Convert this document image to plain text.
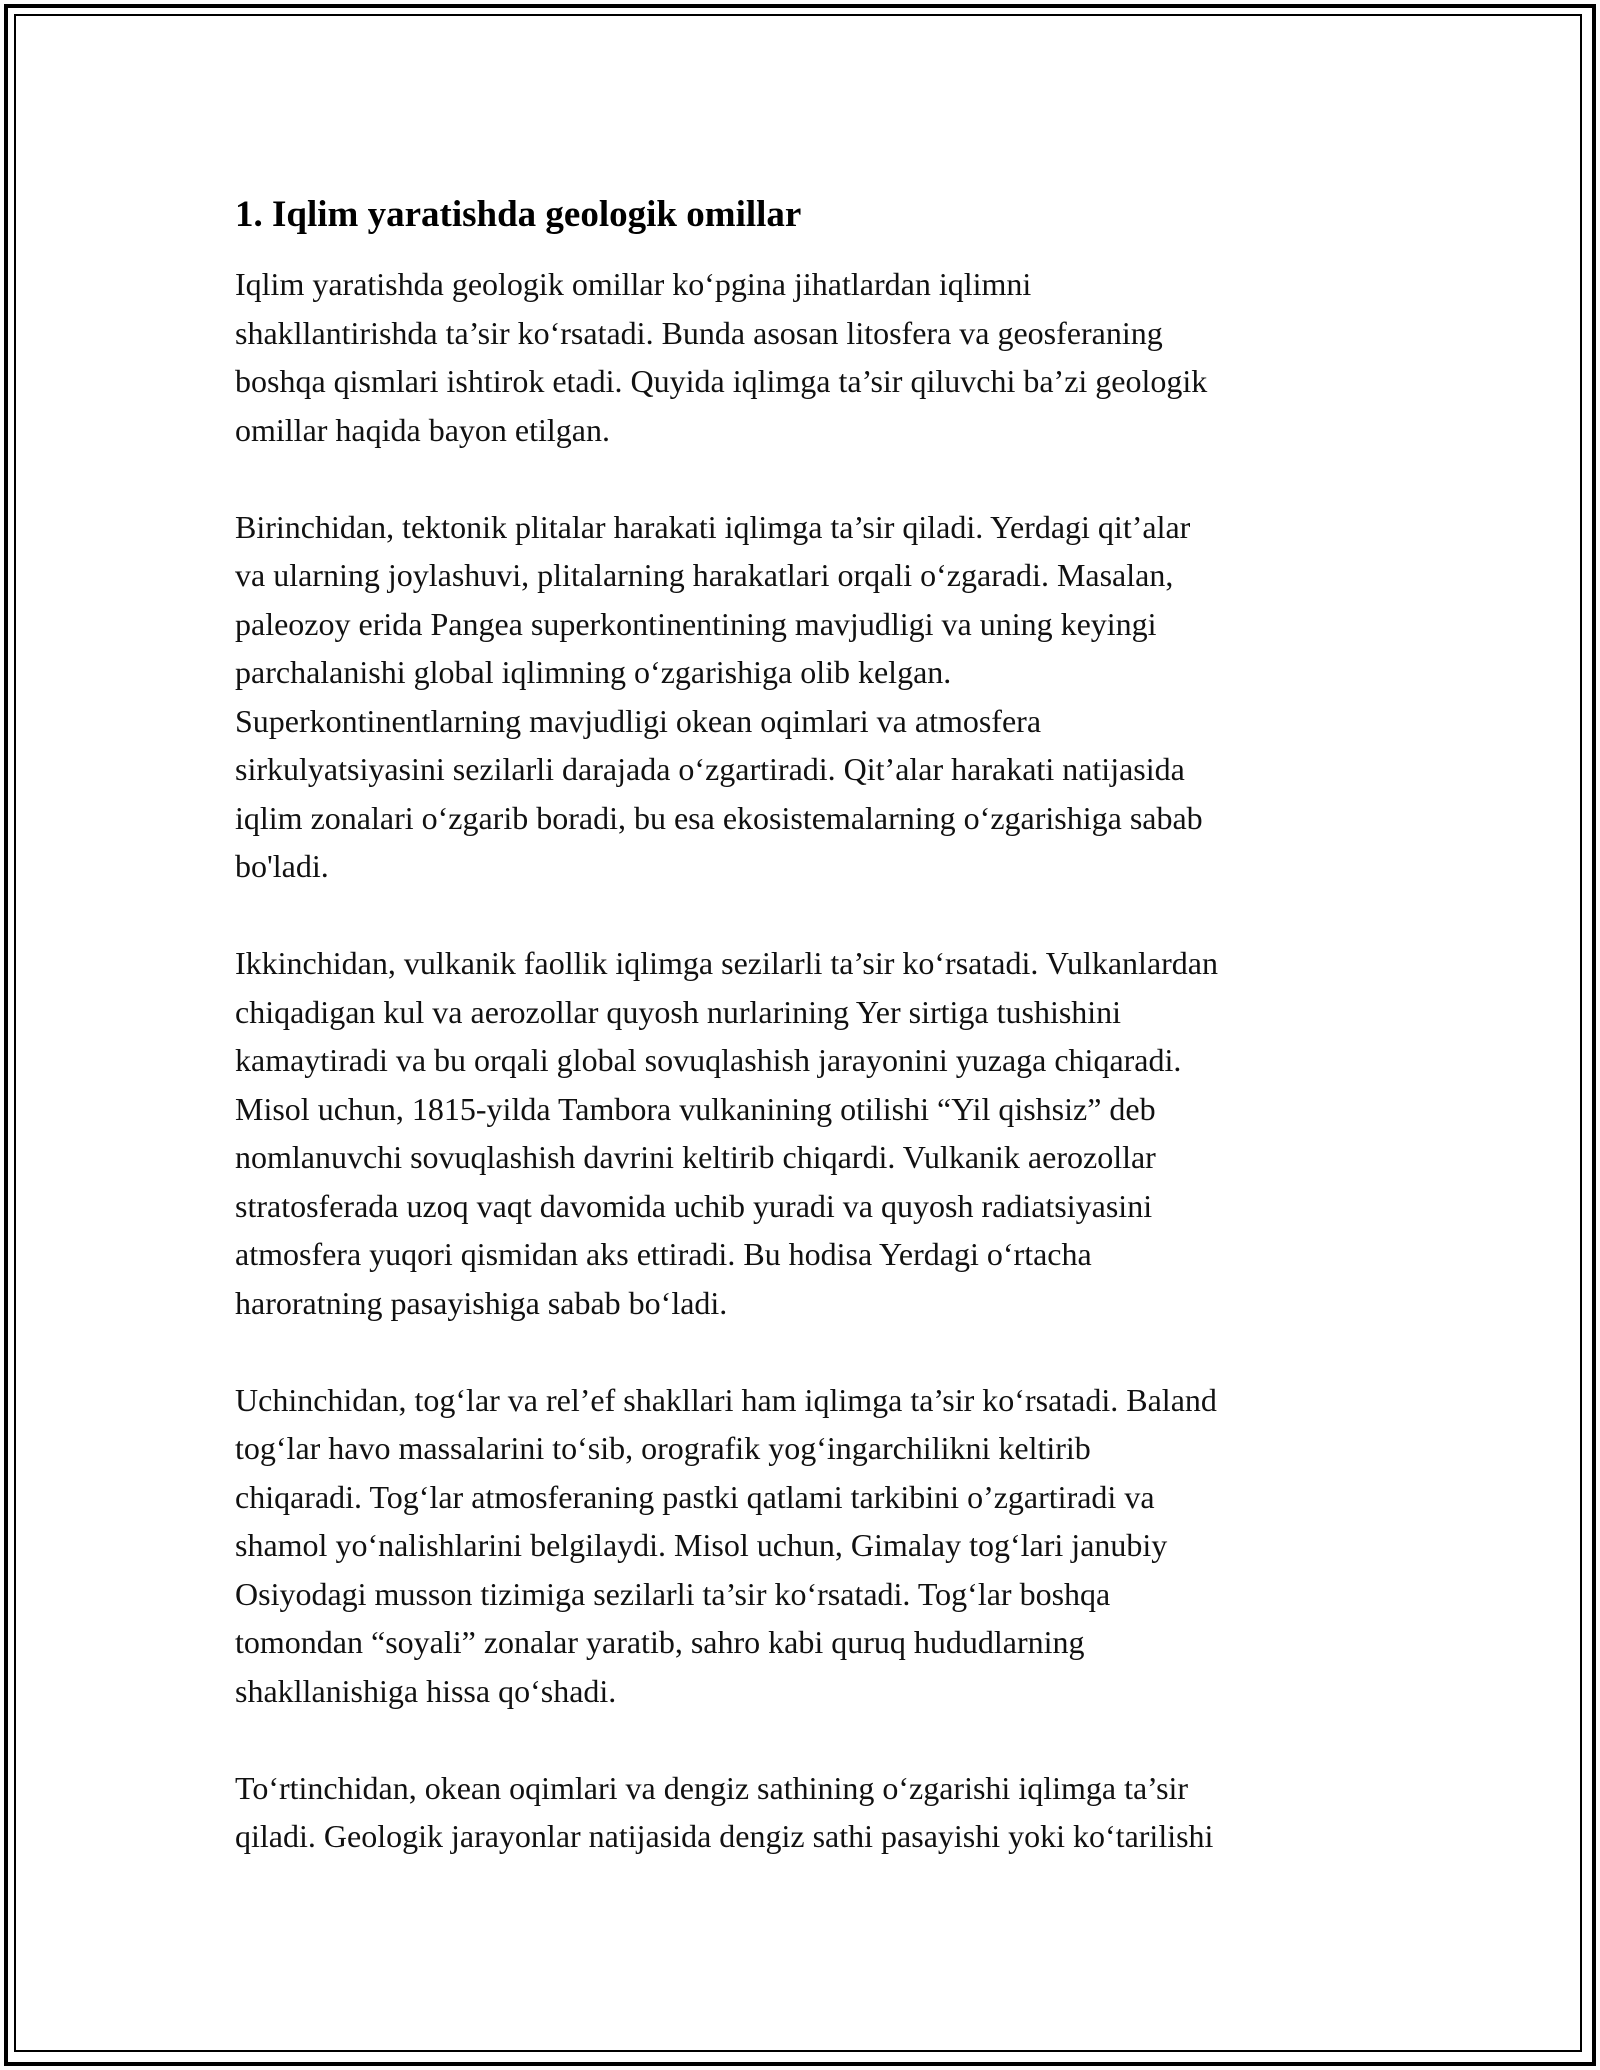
1. Iqlim yaratishda geologik omillar

Iqlim yaratishda geologik omillar ko‘pgina jihatlardan iqlimni
shakllantirishda ta’sir ko‘rsatadi. Bunda asosan litosfera va geosferaning
boshqa qismlari ishtirok etadi. Quyida iqlimga ta’sir qiluvchi ba’zi geologik
omillar haqida bayon etilgan.

Birinchidan, tektonik plitalar harakati iqlimga ta’sir qiladi. Yerdagi qit’alar
va ularning joylashuvi, plitalarning harakatlari orqali o‘zgaradi. Masalan,
paleozoy erida Pangea superkontinentining mavjudligi va uning keyingi
parchalanishi global iqlimning o‘zgarishiga olib kelgan.
Superkontinentlarning mavjudligi okean oqimlari va atmosfera
sirkulyatsiyasini sezilarli darajada o‘zgartiradi. Qit’alar harakati natijasida
iqlim zonalari o‘zgarib boradi, bu esa ekosistemalarning o‘zgarishiga sabab
bo'ladi.

Ikkinchidan, vulkanik faollik iqlimga sezilarli ta’sir ko‘rsatadi. Vulkanlardan
chiqadigan kul va aerozollar quyosh nurlarining Yer sirtiga tushishini
kamaytiradi va bu orqali global sovuqlashish jarayonini yuzaga chiqaradi.
Misol uchun, 1815-yilda Tambora vulkanining otilishi “Yil qishsiz” deb
nomlanuvchi sovuqlashish davrini keltirib chiqardi. Vulkanik aerozollar
stratosferada uzoq vaqt davomida uchib yuradi va quyosh radiatsiyasini
atmosfera yuqori qismidan aks ettiradi. Bu hodisa Yerdagi o‘rtacha
haroratning pasayishiga sabab bo‘ladi.

Uchinchidan, tog‘lar va rel’ef shakllari ham iqlimga ta’sir ko‘rsatadi. Baland
tog‘lar havo massalarini to‘sib, orografik yog‘ingarchilikni keltirib
chiqaradi. Tog‘lar atmosferaning pastki qatlami tarkibini o’zgartiradi va
shamol yo‘nalishlarini belgilaydi. Misol uchun, Gimalay tog‘lari janubiy
Osiyodagi musson tizimiga sezilarli ta’sir ko‘rsatadi. Tog‘lar boshqa
tomondan “soyali” zonalar yaratib, sahro kabi quruq hududlarning
shakllanishiga hissa qo‘shadi.

To‘rtinchidan, okean oqimlari va dengiz sathining o‘zgarishi iqlimga ta’sir
qiladi. Geologik jarayonlar natijasida dengiz sathi pasayishi yoki ko‘tarilishi
